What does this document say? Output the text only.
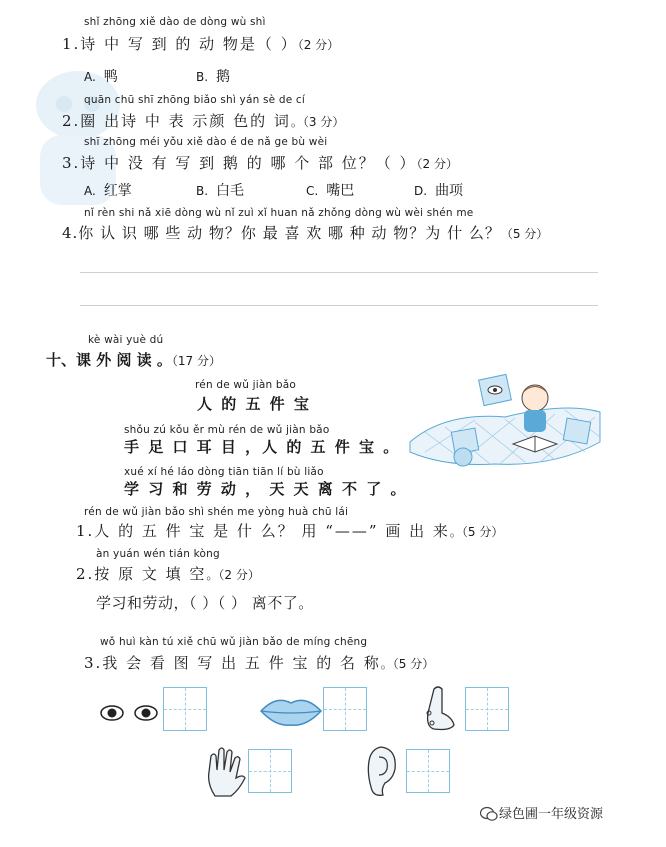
shǐ zhōng xiě dào de dòng wù shì
1.诗 中 写 到 的 动 物是（ ）（2 分）
A. 鸭	B. 鹅
quān chū shī zhōng biǎo shì yán sè de cí
2.圈 出诗 中 表 示颜 色的 词。（3 分）
shī zhōng méi yǒu xiě dào é de nǎ ge bù wèi
3.诗 中 没 有 写 到 鹅 的 哪 个 部 位？（ ）（2 分）
A. 红掌	B. 白毛	C. 嘴巴	D. 曲项
nǐ rèn shi nǎ xiē dòng wù nǐ zuì xǐ huan nǎ zhǒng dòng wù wèi shén me
4.你 认 识 哪 些 动 物？你 最 喜 欢 哪 种 动 物？为 什 么？（5 分）
kè wài yuè dú
十、课 外 阅 读 。（17 分）
rén de wǔ jiàn bǎo
人 的 五 件 宝
shǒu zú kǒu ěr mù rén de wǔ jiàn bǎo
手 足 口 耳 目 ，人 的 五 件 宝 。
xué xí hé láo dòng tiān tiān lí bù liǎo
学 习 和 劳 动 ， 天 天 离 不 了 。
rén de wǔ jiàn bǎo shì shén me yòng huà chū lái
1.人 的 五 件 宝 是 什 么？ 用 “——” 画 出 来。（5 分）
àn yuán wén tián kòng
2.按 原 文 填 空。（2 分）
学习和劳动，（ ）（ ） 离不了。
wǒ huì kàn tú xiě chū wǔ jiàn bǎo de míng chēng
3.我 会 看 图 写 出 五 件 宝 的 名 称。（5 分）
绿色圃一年级资源
